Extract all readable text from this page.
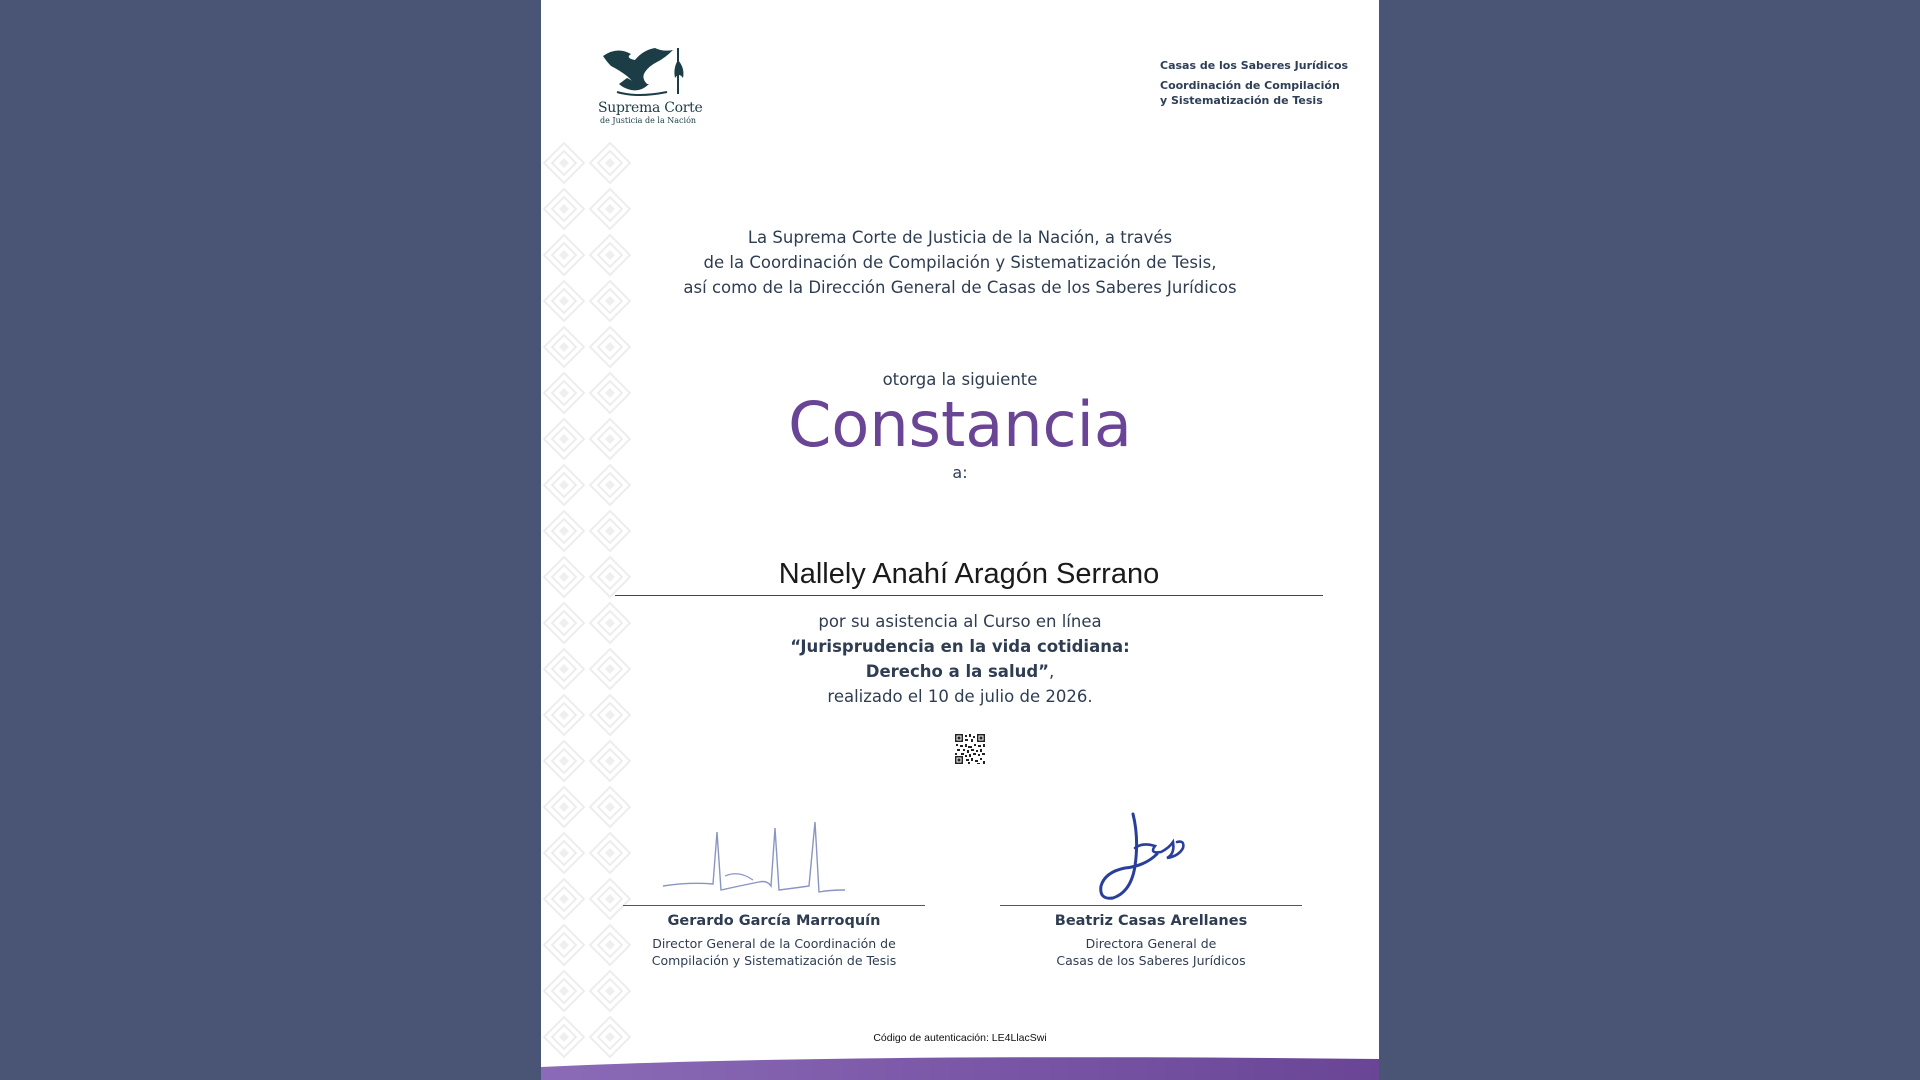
Suprema Corte
de Justicia de la Nación
Casas de los Saberes Jurídicos
Coordinación de Compilación
y Sistematización de Tesis
La Suprema Corte de Justicia de la Nación, a través
de la Coordinación de Compilación y Sistematización de Tesis,
así como de la Dirección General de Casas de los Saberes Jurídicos
otorga la siguiente
Constancia
a:
Nallely Anahí Aragón Serrano
por su asistencia al Curso en línea
“Jurisprudencia en la vida cotidiana:
Derecho a la salud”,
realizado el 10 de julio de 2026.
Gerardo García Marroquín
Director General de la Coordinación de
Compilación y Sistematización de Tesis
Beatriz Casas Arellanes
Directora General de
Casas de los Saberes Jurídicos
Código de autenticación: LE4LlacSwi
